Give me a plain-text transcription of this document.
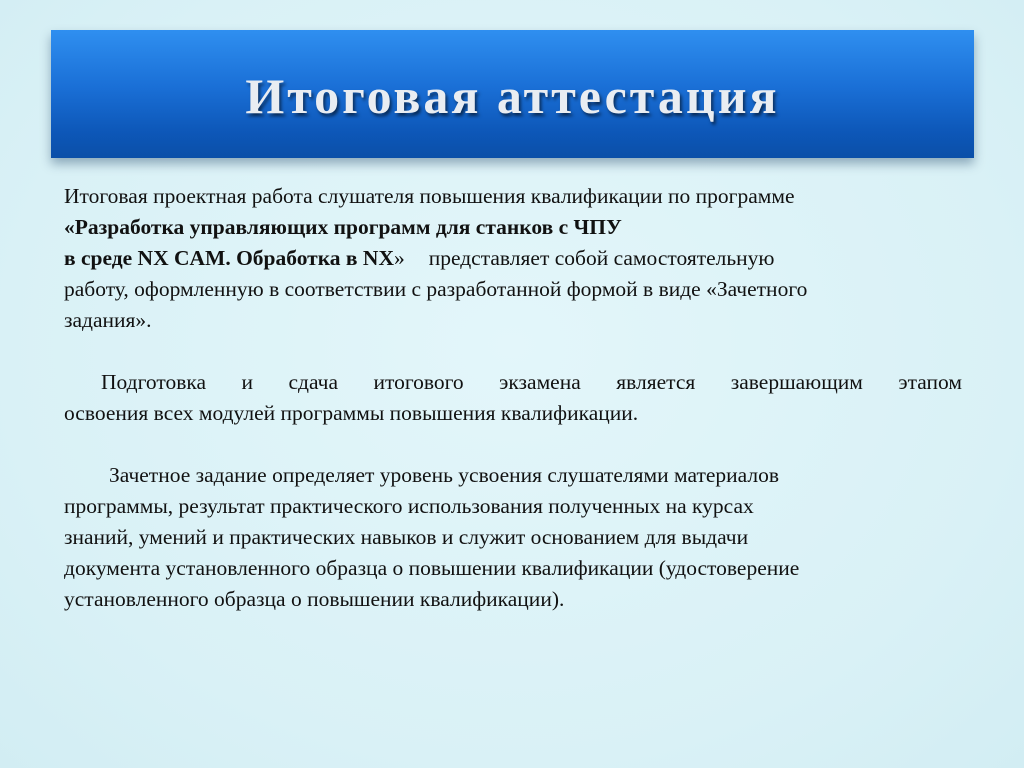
Итоговая аттестация
Итоговая проектная работа слушателя повышения квалификации по программе
«Разработка управляющих программ для станков с ЧПУ
в среде NX CAM. Обработка в NX» представляет собой самостоятельную
работу, оформленную в соответствии с разработанной формой в виде «Зачетного
задания».
Подготовка и сдача итогового экзамена является завершающим этапом
освоения всех модулей программы повышения квалификации.
Зачетное задание определяет уровень усвоения слушателями материалов
программы, результат практического использования полученных на курсах
знаний, умений и практических навыков и служит основанием для выдачи
документа установленного образца о повышении квалификации (удостоверение
установленного образца о повышении квалификации).
